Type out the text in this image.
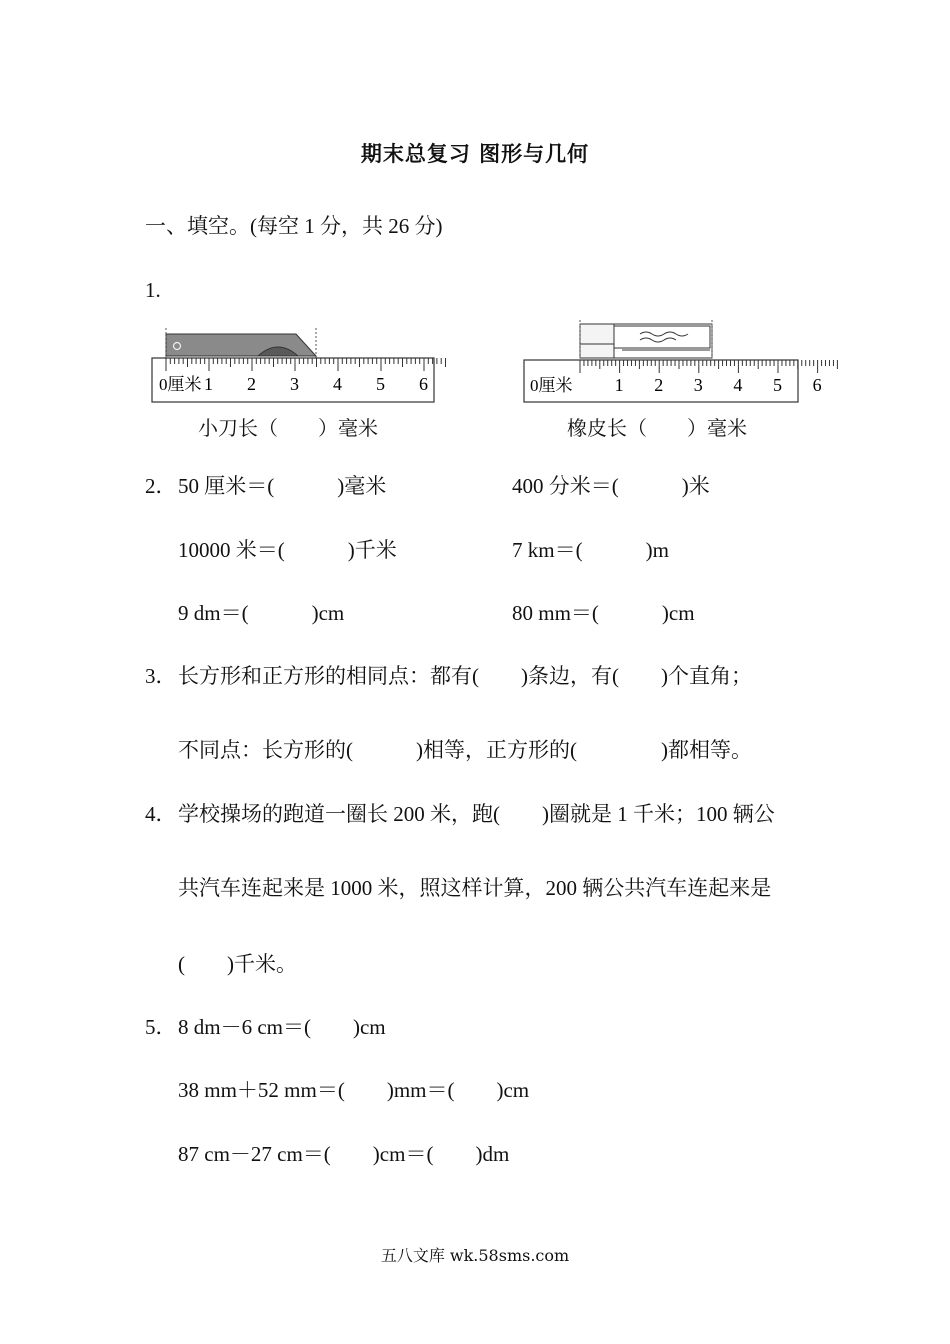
期末总复习 图形与几何
一、填空。(每空 1 分，共 26 分)
1.
0厘米 1 2 3 4 5 6
小刀长（　　）毫米
0厘米 1 2 3 4 5 6
橡皮长（　　）毫米
2． 50 厘米＝(　　　)毫米	400 分米＝(　　　)米
10000 米＝(　　　)千米	7 km＝(　　　)m
9 dm＝(　　　)cm	80 mm＝(　　　)cm
3． 长方形和正方形的相同点：都有(　　)条边，有(　　)个直角；
不同点：长方形的(　　　)相等，正方形的(　　　　)都相等。
4． 学校操场的跑道一圈长 200 米，跑(　　)圈就是 1 千米；100 辆公
共汽车连起来是 1000 米，照这样计算，200 辆公共汽车连起来是
(　　)千米。
5． 8 dm－6 cm＝(　　)cm
38 mm＋52 mm＝(　　)mm＝(　　)cm
87 cm－27 cm＝(　　)cm＝(　　)dm
五八文库 wk.58sms.com
